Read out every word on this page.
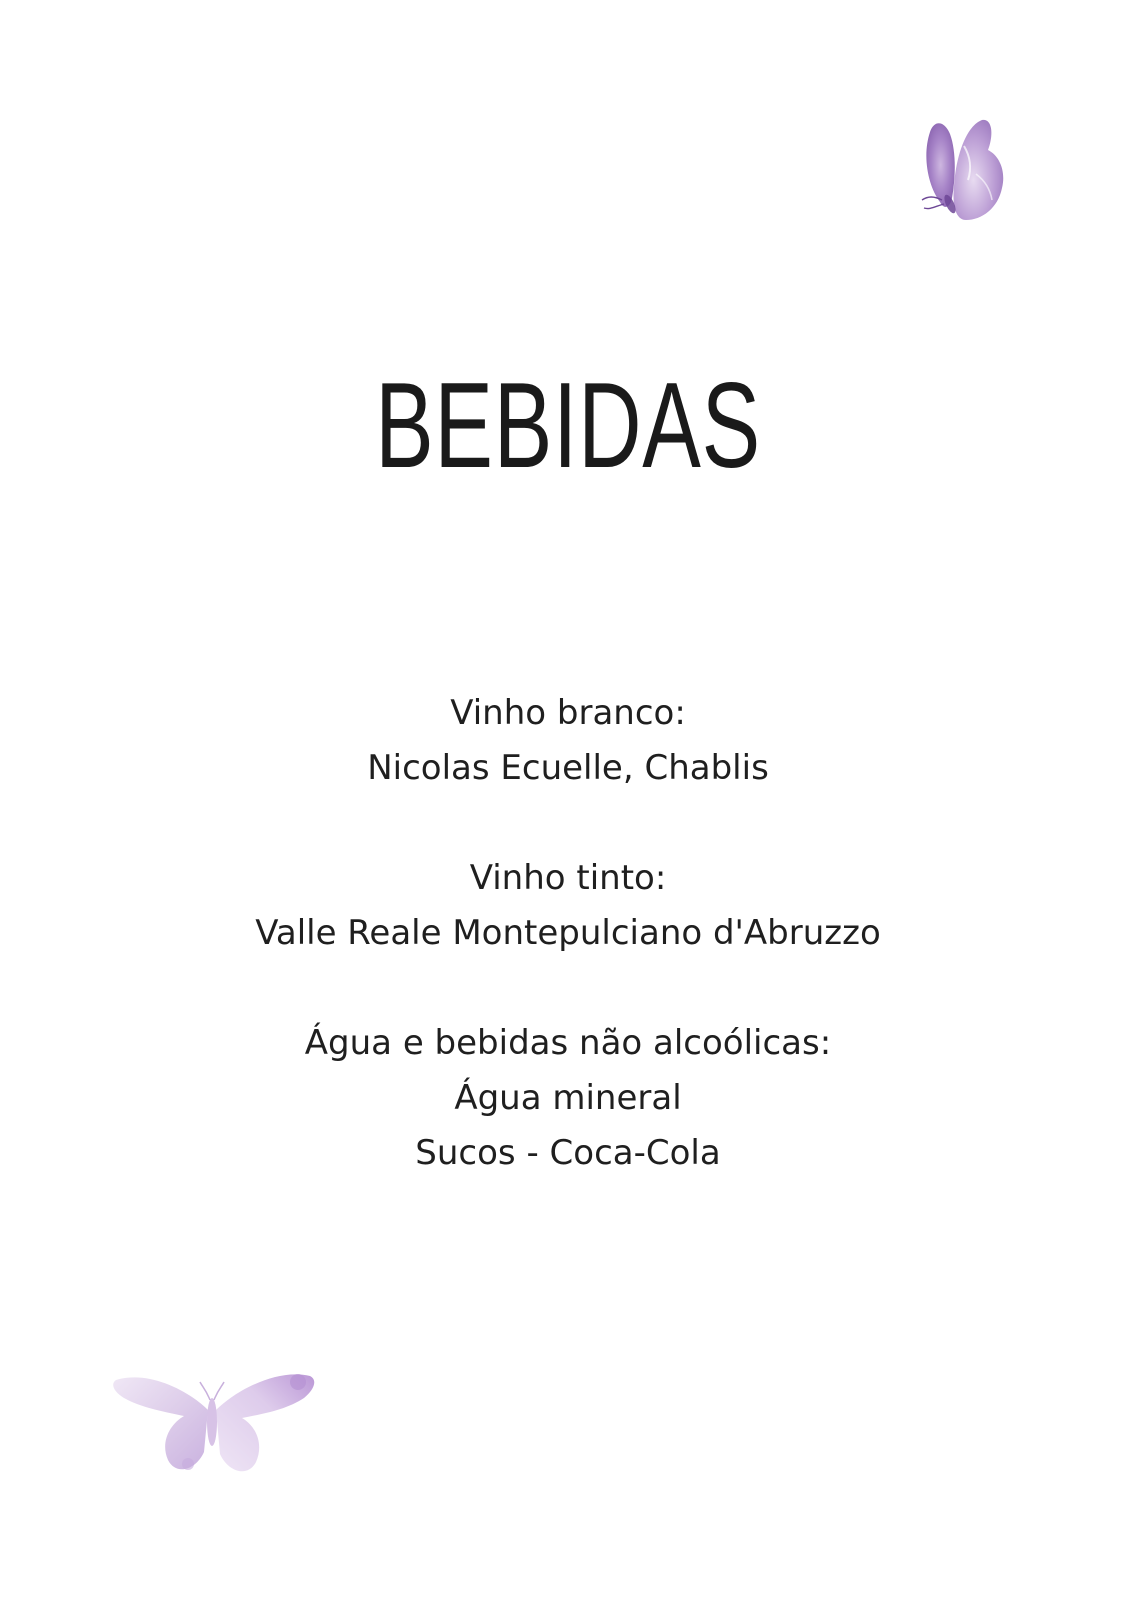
BEBIDAS
Vinho branco:
Nicolas Ecuelle, Chablis
Vinho tinto:
Valle Reale Montepulciano d'Abruzzo
Água e bebidas não alcoólicas:
Água mineral
Sucos - Coca-Cola
